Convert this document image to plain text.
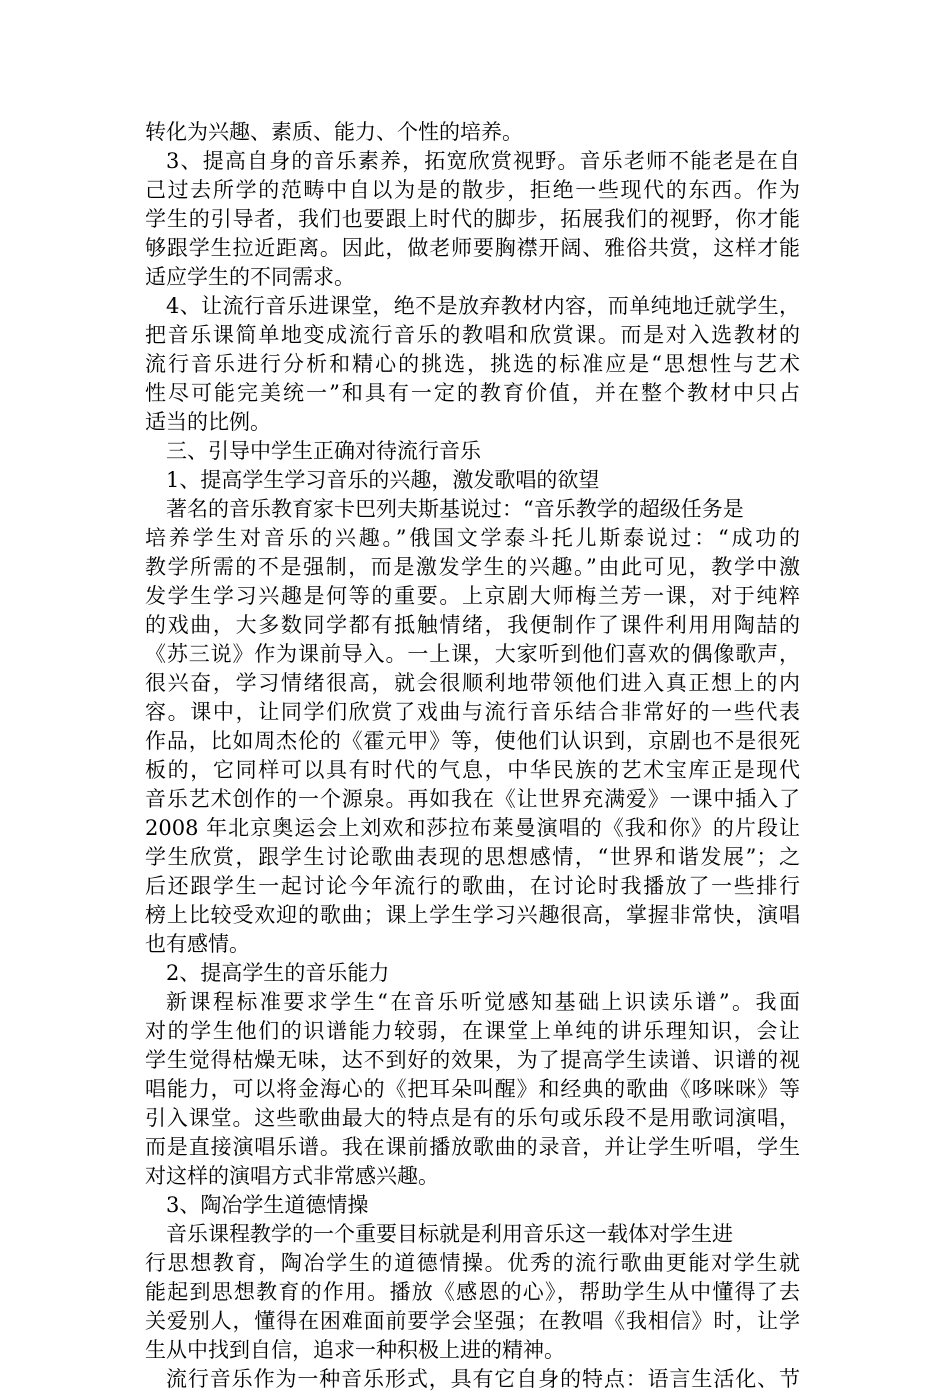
转化为兴趣、素质、能力、个性的培养。
3、提高自身的音乐素养，拓宽欣赏视野。音乐老师不能老是在自
己过去所学的范畴中自以为是的散步，拒绝一些现代的东西。作为
学生的引导者，我们也要跟上时代的脚步，拓展我们的视野，你才能
够跟学生拉近距离。因此，做老师要胸襟开阔、雅俗共赏，这样才能
适应学生的不同需求。
4、让流行音乐进课堂，绝不是放弃教材内容，而单纯地迁就学生，
把音乐课简单地变成流行音乐的教唱和欣赏课。而是对入选教材的
流行音乐进行分析和精心的挑选，挑选的标准应是“思想性与艺术
性尽可能完美统一”和具有一定的教育价值，并在整个教材中只占
适当的比例。
三、引导中学生正确对待流行音乐
1、提高学生学习音乐的兴趣，激发歌唱的欲望
著名的音乐教育家卡巴列夫斯基说过：“音乐教学的超级任务是
培养学生对音乐的兴趣。”俄国文学泰斗托儿斯泰说过：“成功的
教学所需的不是强制，而是激发学生的兴趣。”由此可见，教学中激
发学生学习兴趣是何等的重要。上京剧大师梅兰芳一课，对于纯粹
的戏曲，大多数同学都有抵触情绪，我便制作了课件利用用陶喆的
《苏三说》作为课前导入。一上课，大家听到他们喜欢的偶像歌声，
很兴奋，学习情绪很高，就会很顺利地带领他们进入真正想上的内
容。课中，让同学们欣赏了戏曲与流行音乐结合非常好的一些代表
作品，比如周杰伦的《霍元甲》等，使他们认识到，京剧也不是很死
板的，它同样可以具有时代的气息，中华民族的艺术宝库正是现代
音乐艺术创作的一个源泉。再如我在《让世界充满爱》一课中插入了
2008 年北京奥运会上刘欢和莎拉布莱曼演唱的《我和你》的片段让
学生欣赏，跟学生讨论歌曲表现的思想感情，“世界和谐发展”；之
后还跟学生一起讨论今年流行的歌曲，在讨论时我播放了一些排行
榜上比较受欢迎的歌曲；课上学生学习兴趣很高，掌握非常快，演唱
也有感情。
2、提高学生的音乐能力
新课程标准要求学生“在音乐听觉感知基础上识读乐谱”。我面
对的学生他们的识谱能力较弱，在课堂上单纯的讲乐理知识，会让
学生觉得枯燥无味，达不到好的效果，为了提高学生读谱、识谱的视
唱能力，可以将金海心的《把耳朵叫醒》和经典的歌曲《哆咪咪》等
引入课堂。这些歌曲最大的特点是有的乐句或乐段不是用歌词演唱，
而是直接演唱乐谱。我在课前播放歌曲的录音，并让学生听唱，学生
对这样的演唱方式非常感兴趣。
3、陶冶学生道德情操
音乐课程教学的一个重要目标就是利用音乐这一载体对学生进
行思想教育，陶冶学生的道德情操。优秀的流行歌曲更能对学生就
能起到思想教育的作用。播放《感恩的心》，帮助学生从中懂得了去
关爱别人，懂得在困难面前要学会坚强；在教唱《我相信》时，让学
生从中找到自信，追求一种积极上进的精神。
流行音乐作为一种音乐形式，具有它自身的特点：语言生活化、节
